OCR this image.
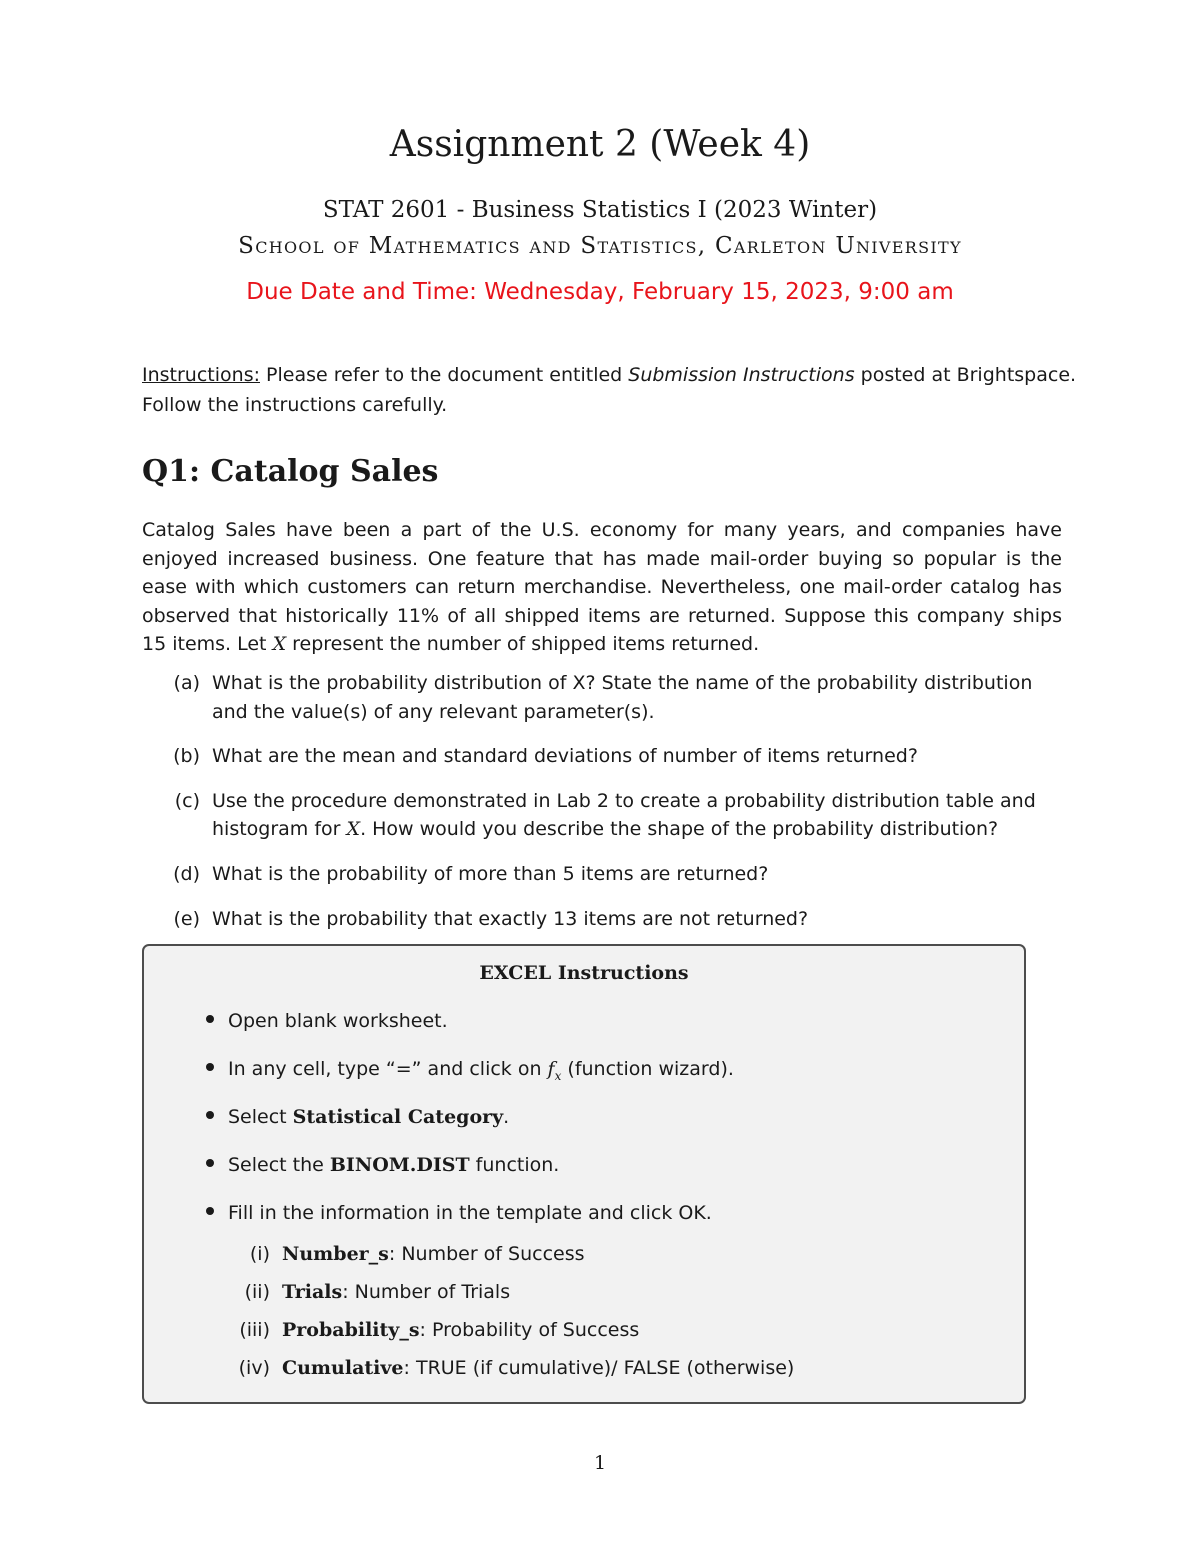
Assignment 2 (Week 4)
STAT 2601 - Business Statistics I (2023 Winter)
School of Mathematics and Statistics, Carleton University
Due Date and Time: Wednesday, February 15, 2023, 9:00 am
Instructions: Please refer to the document entitled Submission Instructions posted at Brightspace. Follow the instructions carefully.
Q1: Catalog Sales
Catalog Sales have been a part of the U.S. economy for many years, and companies have enjoyed increased business. One feature that has made mail-order buying so popular is the ease with which customers can return merchandise. Nevertheless, one mail-order catalog has observed that historically 11% of all shipped items are returned. Suppose this company ships 15 items. Let X represent the number of shipped items returned.
(a) What is the probability distribution of X? State the name of the probability distribution and the value(s) of any relevant parameter(s).
(b) What are the mean and standard deviations of number of items returned?
(c) Use the procedure demonstrated in Lab 2 to create a probability distribution table and histogram for X. How would you describe the shape of the probability distribution?
(d) What is the probability of more than 5 items are returned?
(e) What is the probability that exactly 13 items are not returned?
EXCEL Instructions
Open blank worksheet.
In any cell, type “=” and click on $f_x$ (function wizard).
Select Statistical Category.
Select the BINOM.DIST function.
Fill in the information in the template and click OK.
(i) Number_s: Number of Success
(ii) Trials: Number of Trials
(iii) Probability_s: Probability of Success
(iv) Cumulative: TRUE (if cumulative)/ FALSE (otherwise)
1
